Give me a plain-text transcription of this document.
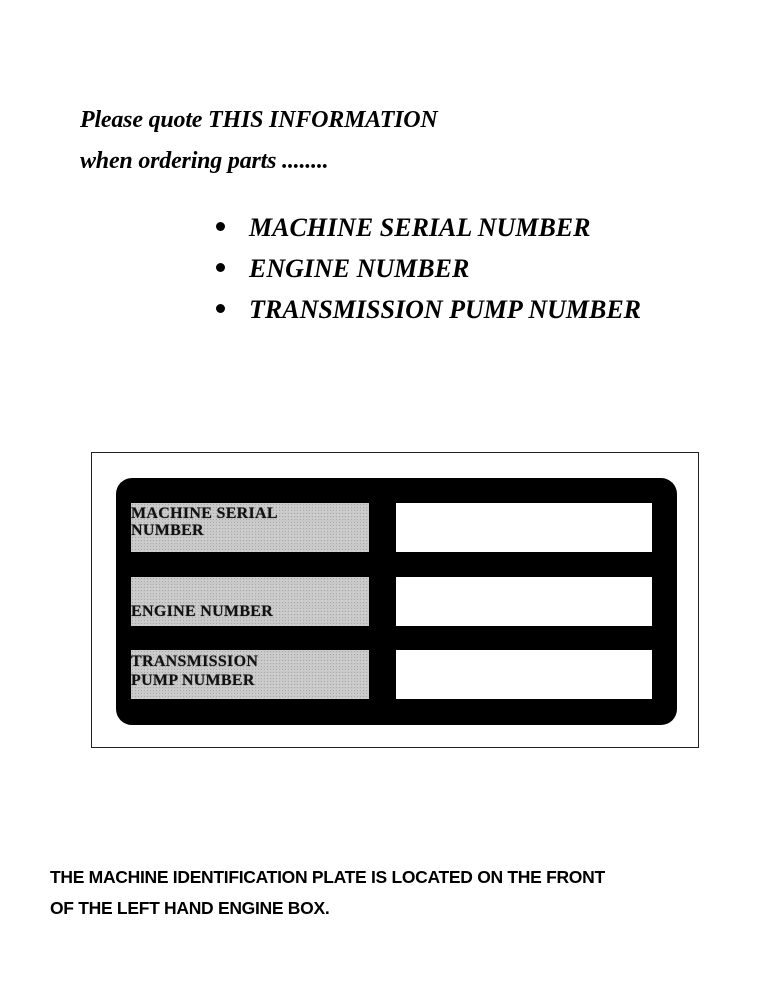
Please quote THIS INFORMATION
when ordering parts ........
MACHINE SERIAL NUMBER
ENGINE NUMBER
TRANSMISSION PUMP NUMBER
MACHINE SERIAL
NUMBER
ENGINE NUMBER
TRANSMISSION
PUMP NUMBER
THE MACHINE IDENTIFICATION PLATE IS LOCATED ON THE FRONT
OF THE LEFT HAND ENGINE BOX.
